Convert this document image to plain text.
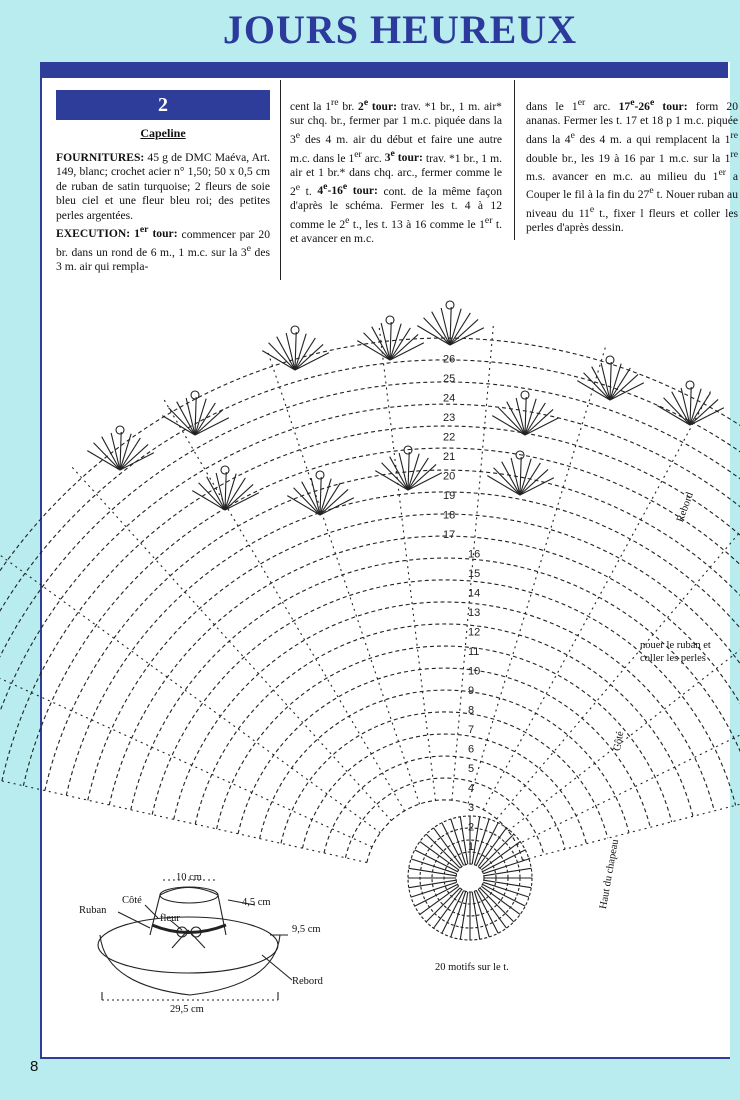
JOURS HEUREUX
2
Capeline
FOURNITURES: 45 g de DMC Maéva, Art. 149, blanc; crochet acier n° 1,50; 50 x 0,5 cm de ruban de satin turquoise; 2 fleurs de soie bleu ciel et une fleur bleu roi; des petites perles argentées.
EXECUTION: 1er tour: commencer par 20 br. dans un rond de 6 m., 1 m.c. sur la 3e des 3 m. air qui rempla-
cent la 1re br. 2e tour: trav. *1 br., 1 m. air* sur chq. br., fermer par 1 m.c. piquée dans la 3e des 4 m. air du début et faire une autre m.c. dans le 1er arc. 3e tour: trav. *1 br., 1 m. air et 1 br.* dans chq. arc., fermer comme le 2e t. 4e-16e tour: cont. de la même façon d'après le schéma. Fermer les t. 4 à 12 comme le 2e t., les t. 13 à 16 comme le 1er t. et avancer en m.c.
dans le 1er arc. 17e-26e tour: form 20 ananas. Fermer les t. 17 et 18 p 1 m.c. piquée dans la 4e des 4 m. a qui remplacent la 1re double br., les 19 à 16 par 1 m.c. sur la 1re m.s. avancer en m.c. au milieu du 1er a Couper le fil à la fin du 27e t. Nouer ruban au niveau du 11e t., fixer l fleurs et coller les perles d'après dessin.
1
2
3
4
5
6
7
8
9
10
11
12
13
14
15
16
17
18
19
20
21
22
23
24
25
26
Rebord
nouer le ruban et
coller les perles
Côté
Haut du chapeau
20 motifs sur le t.
10 cm
4,5 cm
9,5 cm
29,5 cm
Ruban
Côté
fleur
Rebord
8
